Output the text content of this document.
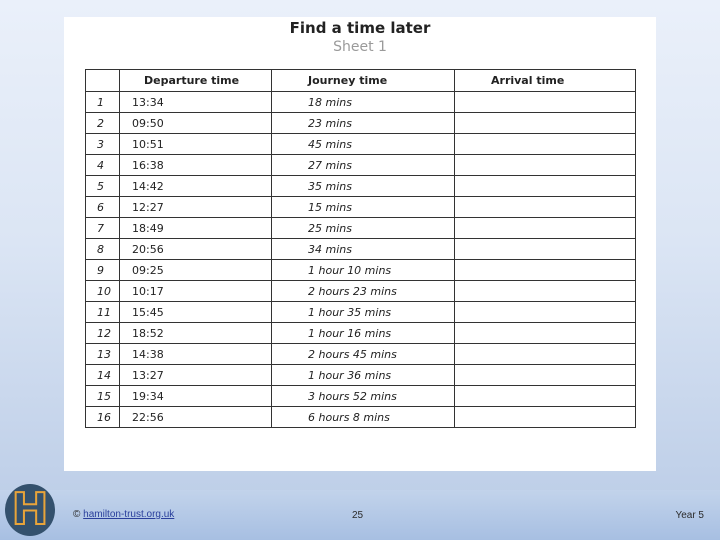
Find a time later
Sheet 1
	Departure time	Journey time	Arrival time
1	13:34	18 mins	
2	09:50	23 mins	
3	10:51	45 mins	
4	16:38	27 mins	
5	14:42	35 mins	
6	12:27	15 mins	
7	18:49	25 mins	
8	20:56	34 mins	
9	09:25	1 hour 10 mins	
10	10:17	2 hours 23 mins	
11	15:45	1 hour 35 mins	
12	18:52	1 hour 16 mins	
13	14:38	2 hours 45 mins	
14	13:27	1 hour 36 mins	
15	19:34	3 hours 52 mins	
16	22:56	6 hours 8 mins	
H © hamilton-trust.org.uk	25	Year 5
